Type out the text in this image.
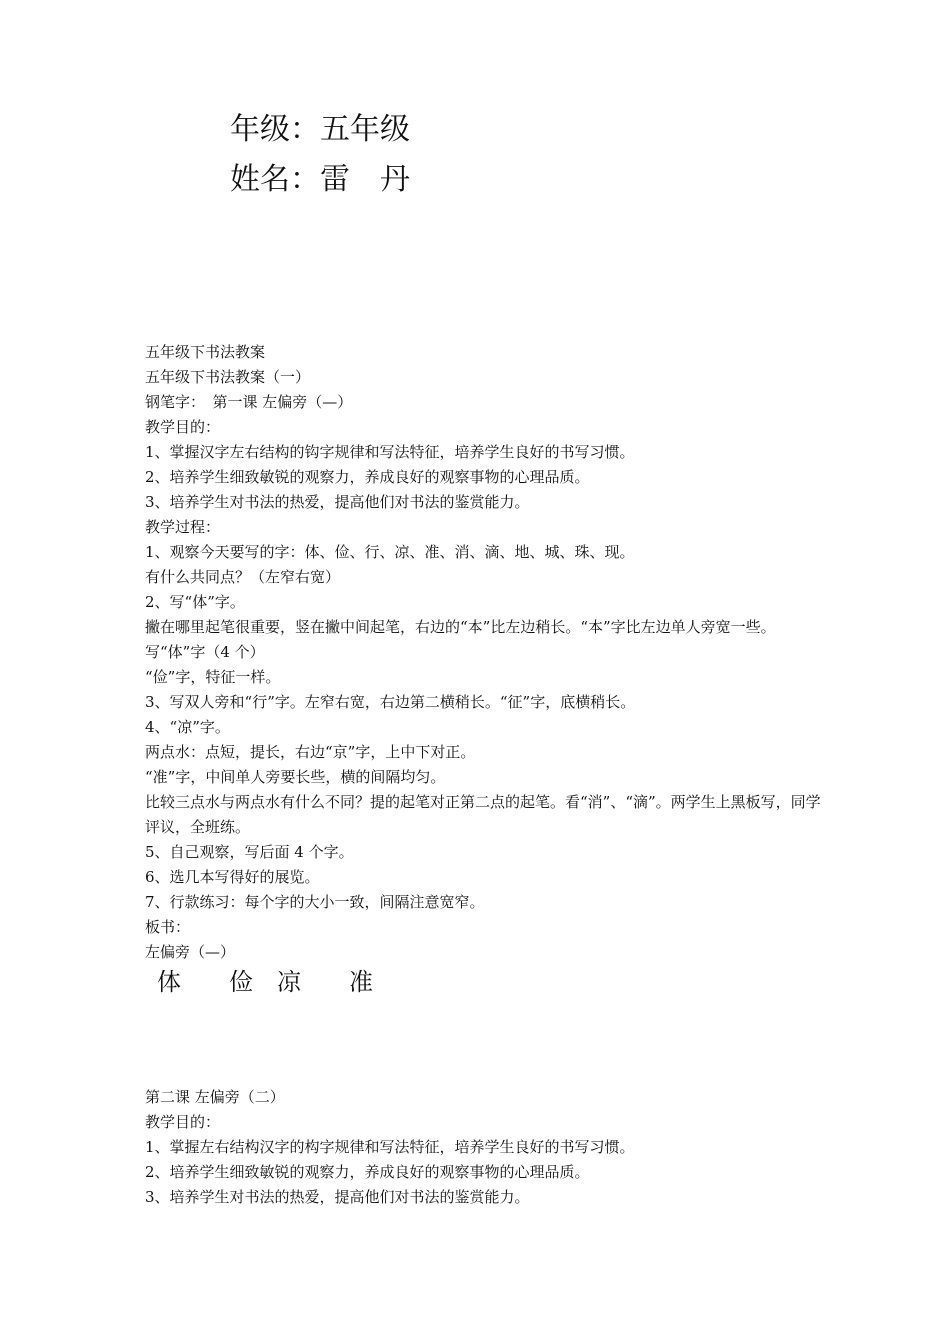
年级：五年级
姓名：雷　丹

五年级下书法教案

五年级下书法教案（一）

钢笔字：　第一课 左偏旁（—）

教学目的：

1、掌握汉字左右结构的钩字规律和写法特征，培养学生良好的书写习惯。

2、培养学生细致敏锐的观察力，养成良好的观察事物的心理品质。

3、培养学生对书法的热爱，提高他们对书法的鉴赏能力。

教学过程：

1、观察今天要写的字：体、俭、行、凉、准、消、滴、地、城、珠、现。

有什么共同点？（左窄右宽）

2、写“体”字。

撇在哪里起笔很重要，竖在撇中间起笔，右边的“本”比左边稍长。“本”字比左边单人旁宽一些。写“体”字（4 个）

“俭”字，特征一样。

3、写双人旁和“行”字。左窄右宽，右边第二横稍长。“征”字，底横稍长。

4、“凉”字。

两点水：点短，提长，右边“京”字，上中下对正。

“准”字，中间单人旁要长些，横的间隔均匀。

比较三点水与两点水有什么不同？提的起笔对正第二点的起笔。看“消”、“滴”。两学生上黑板写，同学评议，全班练。

5、自己观察，写后面 4 个字。

6、选几本写得好的展览。

7、行款练习：每个字的大小一致，间隔注意宽窄。

板书：

左偏旁（—）

体　　俭　凉　　准

第二课 左偏旁（二）

教学目的：

1、掌握左右结构汉字的构字规律和写法特征，培养学生良好的书写习惯。

2、培养学生细致敏锐的观察力，养成良好的观察事物的心理品质。

3、培养学生对书法的热爱，提高他们对书法的鉴赏能力。
